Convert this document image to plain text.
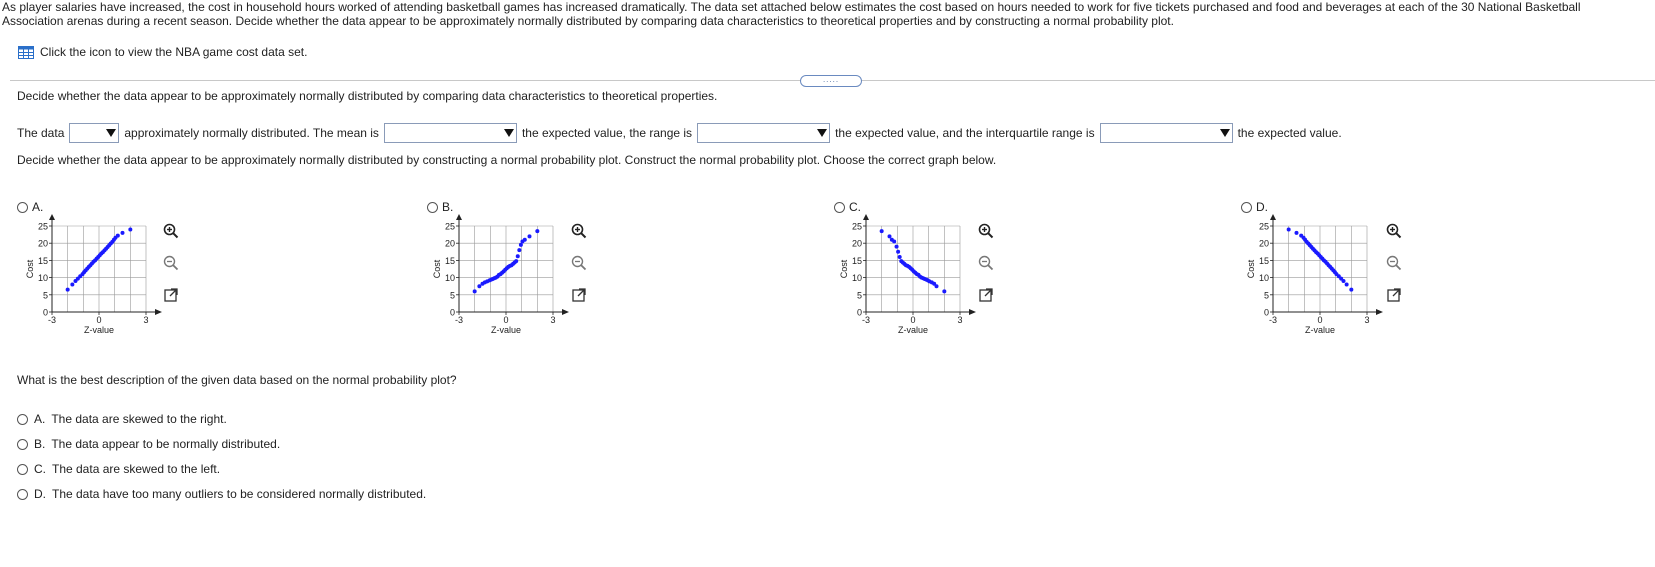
As player salaries have increased, the cost in household hours worked of attending basketball games has increased dramatically. The data set attached below estimates the cost based on hours needed to work for five tickets purchased and food and beverages at each of the 30 National Basketball Association arenas during a recent season. Decide whether the data appear to be approximately normally distributed by comparing data characteristics to theoretical properties and by constructing a normal probability plot.
Click the icon to view the NBA game cost data set.
.....
Decide whether the data appear to be approximately normally distributed by comparing data characteristics to theoretical properties.
The data	approximately normally distributed. The mean is	the expected value, the range is	the expected value, and the interquartile range is	the expected value.
Decide whether the data appear to be approximately normally distributed by constructing a normal probability plot. Construct the normal probability plot. Choose the correct graph below.
A.	B.	C.	D.
25
20
15
10
5
0
-3	0	3
Cost
Z-value
25
20
15
10
5
0
-3	0	3
Cost
Z-value
25
20
15
10
5
0
-3	0	3
Cost
Z-value
25
20
15
10
5
0
-3	0	3
Cost
Z-value
What is the best description of the given data based on the normal probability plot?
A. The data are skewed to the right.
B. The data appear to be normally distributed.
C. The data are skewed to the left.
D. The data have too many outliers to be considered normally distributed.
